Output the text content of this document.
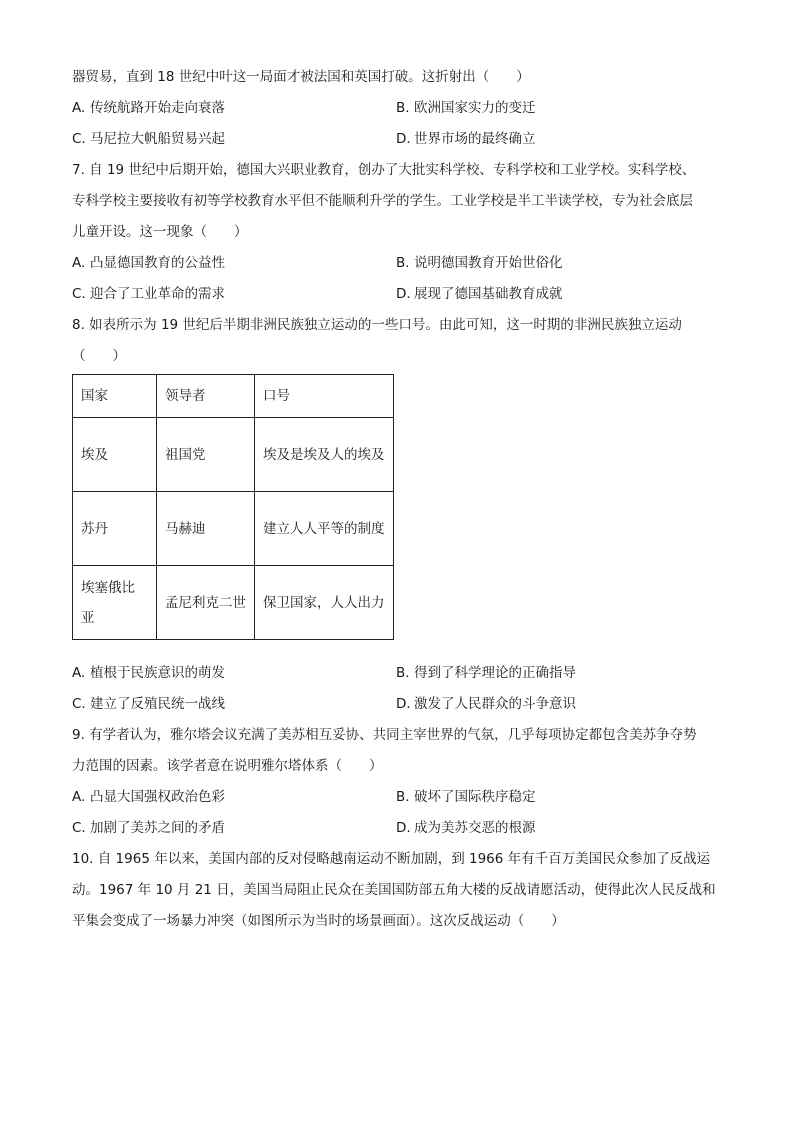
器贸易，直到 18 世纪中叶这一局面才被法国和英国打破。这折射出（　　）
A. 传统航路开始走向衰落	B. 欧洲国家实力的变迁
C. 马尼拉大帆船贸易兴起	D. 世界市场的最终确立
7. 自 19 世纪中后期开始，德国大兴职业教育，创办了大批实科学校、专科学校和工业学校。实科学校、
专科学校主要接收有初等学校教育水平但不能顺利升学的学生。工业学校是半工半读学校，专为社会底层
儿童开设。这一现象（　　）
A. 凸显德国教育的公益性	B. 说明德国教育开始世俗化
C. 迎合了工业革命的需求	D. 展现了德国基础教育成就
8. 如表所示为 19 世纪后半期非洲民族独立运动的一些口号。由此可知，这一时期的非洲民族独立运动
（　　）
国家	领导者	口号
埃及	祖国党	埃及是埃及人的埃及
苏丹	马赫迪	建立人人平等的制度
埃塞俄比亚	孟尼利克二世	保卫国家，人人出力
A. 植根于民族意识的萌发	B. 得到了科学理论的正确指导
C. 建立了反殖民统一战线	D. 激发了人民群众的斗争意识
9. 有学者认为，雅尔塔会议充满了美苏相互妥协、共同主宰世界的气氛，几乎每项协定都包含美苏争夺势
力范围的因素。该学者意在说明雅尔塔体系（　　）
A. 凸显大国强权政治色彩	B. 破坏了国际秩序稳定
C. 加剧了美苏之间的矛盾	D. 成为美苏交恶的根源
10. 自 1965 年以来，美国内部的反对侵略越南运动不断加剧，到 1966 年有千百万美国民众参加了反战运
动。1967 年 10 月 21 日，美国当局阻止民众在美国国防部五角大楼的反战请愿活动，使得此次人民反战和
平集会变成了一场暴力冲突（如图所示为当时的场景画面）。这次反战运动（　　）
